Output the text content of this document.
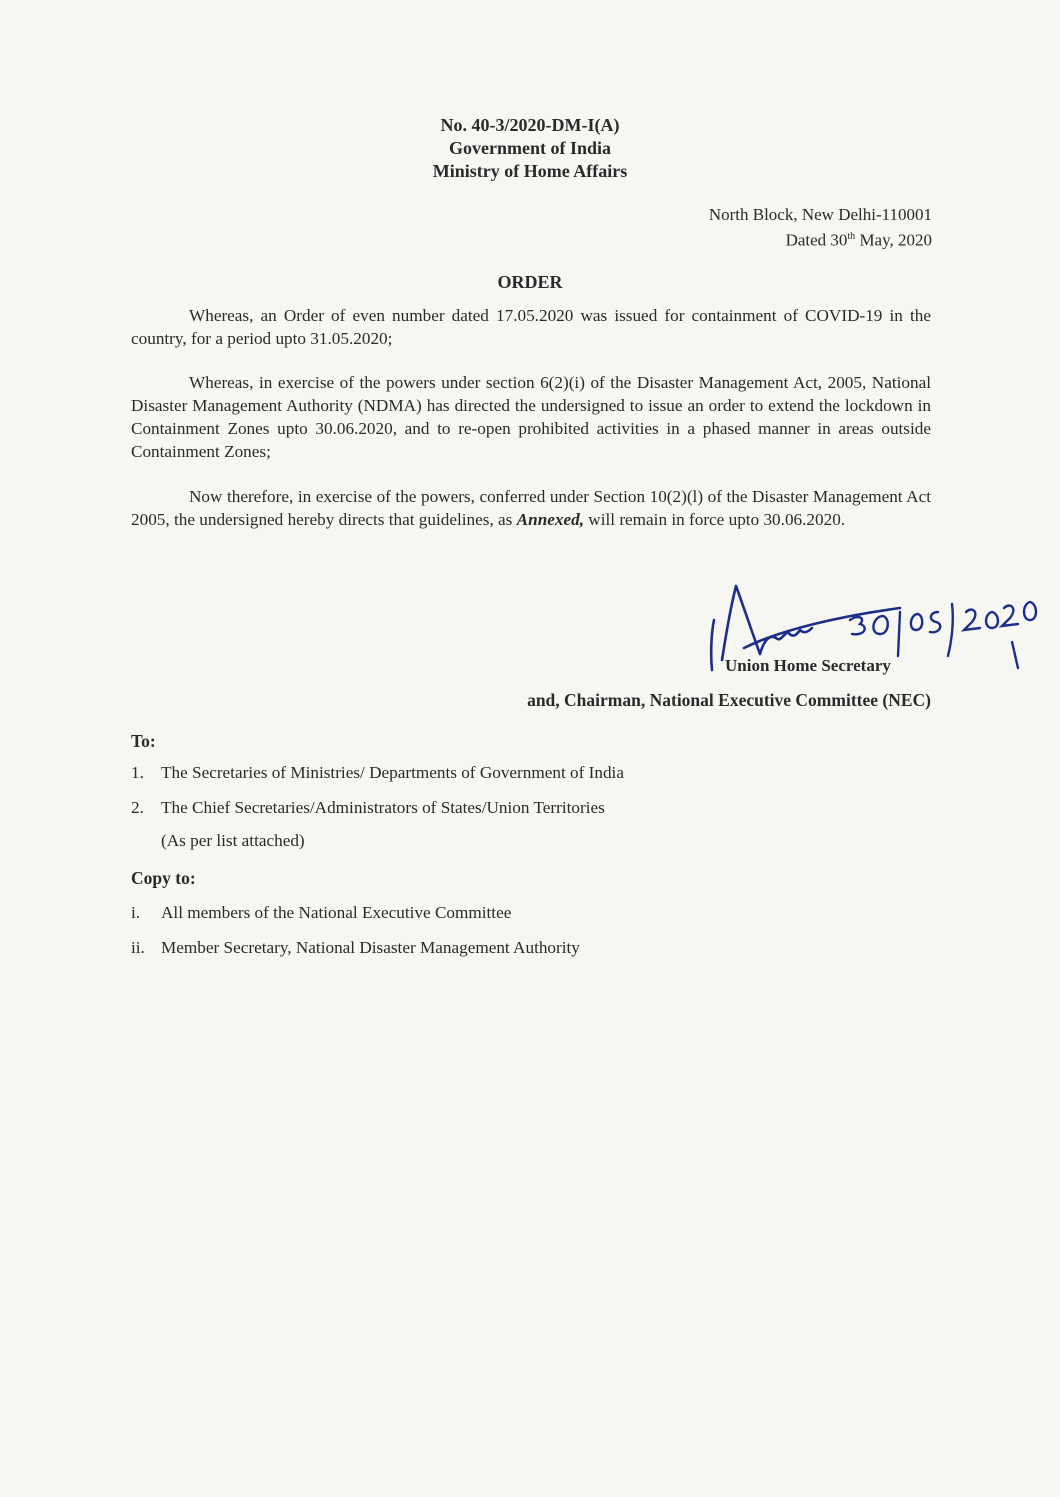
No. 40-3/2020-DM-I(A)
Government of India
Ministry of Home Affairs
North Block, New Delhi-110001
Dated 30th May, 2020
ORDER

Whereas, an Order of even number dated 17.05.2020 was issued for containment of COVID-19 in the country, for a period upto 31.05.2020;

Whereas, in exercise of the powers under section 6(2)(i) of the Disaster Management Act, 2005, National Disaster Management Authority (NDMA) has directed the undersigned to issue an order to extend the lockdown in Containment Zones upto 30.06.2020, and to re-open prohibited activities in a phased manner in areas outside Containment Zones;

Now therefore, in exercise of the powers, conferred under Section 10(2)(l) of the Disaster Management Act 2005, the undersigned hereby directs that guidelines, as Annexed, will remain in force upto 30.06.2020.

Union Home Secretary
and, Chairman, National Executive Committee (NEC)
To:
1. The Secretaries of Ministries/ Departments of Government of India
2. The Chief Secretaries/Administrators of States/Union Territories
(As per list attached)
Copy to:
i. All members of the National Executive Committee
ii. Member Secretary, National Disaster Management Authority
